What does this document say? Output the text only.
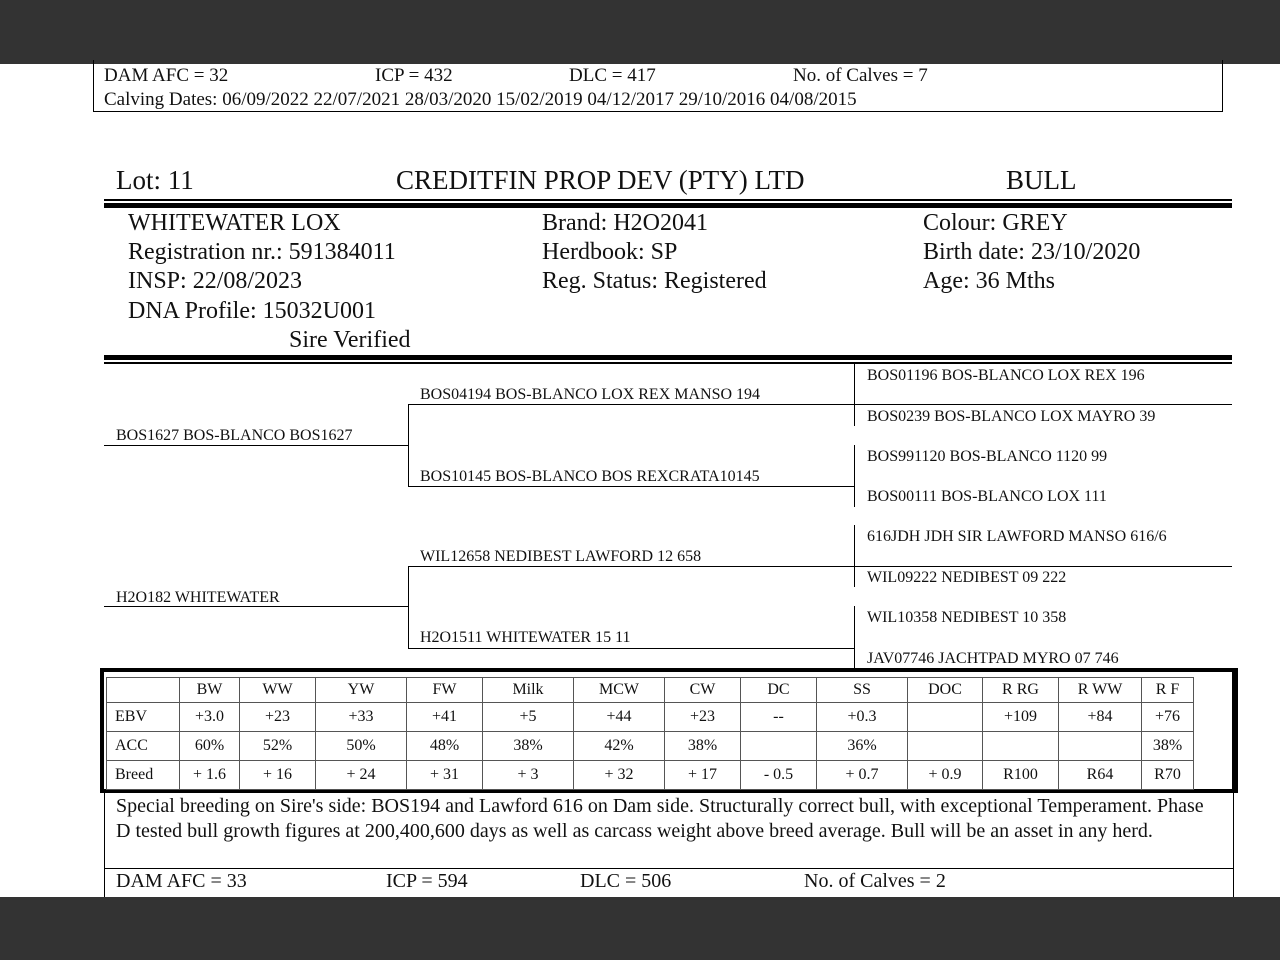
DAM AFC = 32	ICP = 432	DLC = 417	No. of Calves = 7
Calving Dates: 06/09/2022 22/07/2021 28/03/2020 15/02/2019 04/12/2017 29/10/2016 04/08/2015
Lot: 11	CREDITFIN PROP DEV (PTY) LTD	BULL
WHITEWATER LOX
Registration nr.: 591384011
INSP: 22/08/2023
DNA Profile: 15032U001
Sire Verified
Brand: H2O2041
Herdbook: SP
Reg. Status: Registered
Colour: GREY
Birth date: 23/10/2020
Age: 36 Mths
BOS1627 BOS-BLANCO BOS1627
H2O182 WHITEWATER
BOS04194 BOS-BLANCO LOX REX MANSO 194
BOS10145 BOS-BLANCO BOS REXCRATA10145
WIL12658 NEDIBEST LAWFORD 12 658
H2O1511 WHITEWATER 15 11
BOS01196 BOS-BLANCO LOX REX 196
BOS0239 BOS-BLANCO LOX MAYRO 39
BOS991120 BOS-BLANCO 1120 99
BOS00111 BOS-BLANCO LOX 111
616JDH JDH SIR LAWFORD MANSO 616/6
WIL09222 NEDIBEST 09 222
WIL10358 NEDIBEST 10 358
JAV07746 JACHTPAD MYRO 07 746
	BW	WW	YW	FW	Milk	MCW	CW	DC	SS	DOC	R RG	R WW	R F
EBV	+3.0	+23	+33	+41	+5	+44	+23	--	+0.3		+109	+84	+76
ACC	60%	52%	50%	48%	38%	42%	38%		36%				38%
Breed	+ 1.6	+ 16	+ 24	+ 31	+ 3	+ 32	+ 17	- 0.5	+ 0.7	+ 0.9	R100	R64	R70
Special breeding on Sire's side: BOS194 and Lawford 616 on Dam side. Structurally correct bull, with exceptional Temperament. Phase D tested bull growth figures at 200,400,600 days as well as carcass weight above breed average. Bull will be an asset in any herd.
DAM AFC = 33	ICP = 594	DLC = 506	No. of Calves = 2
